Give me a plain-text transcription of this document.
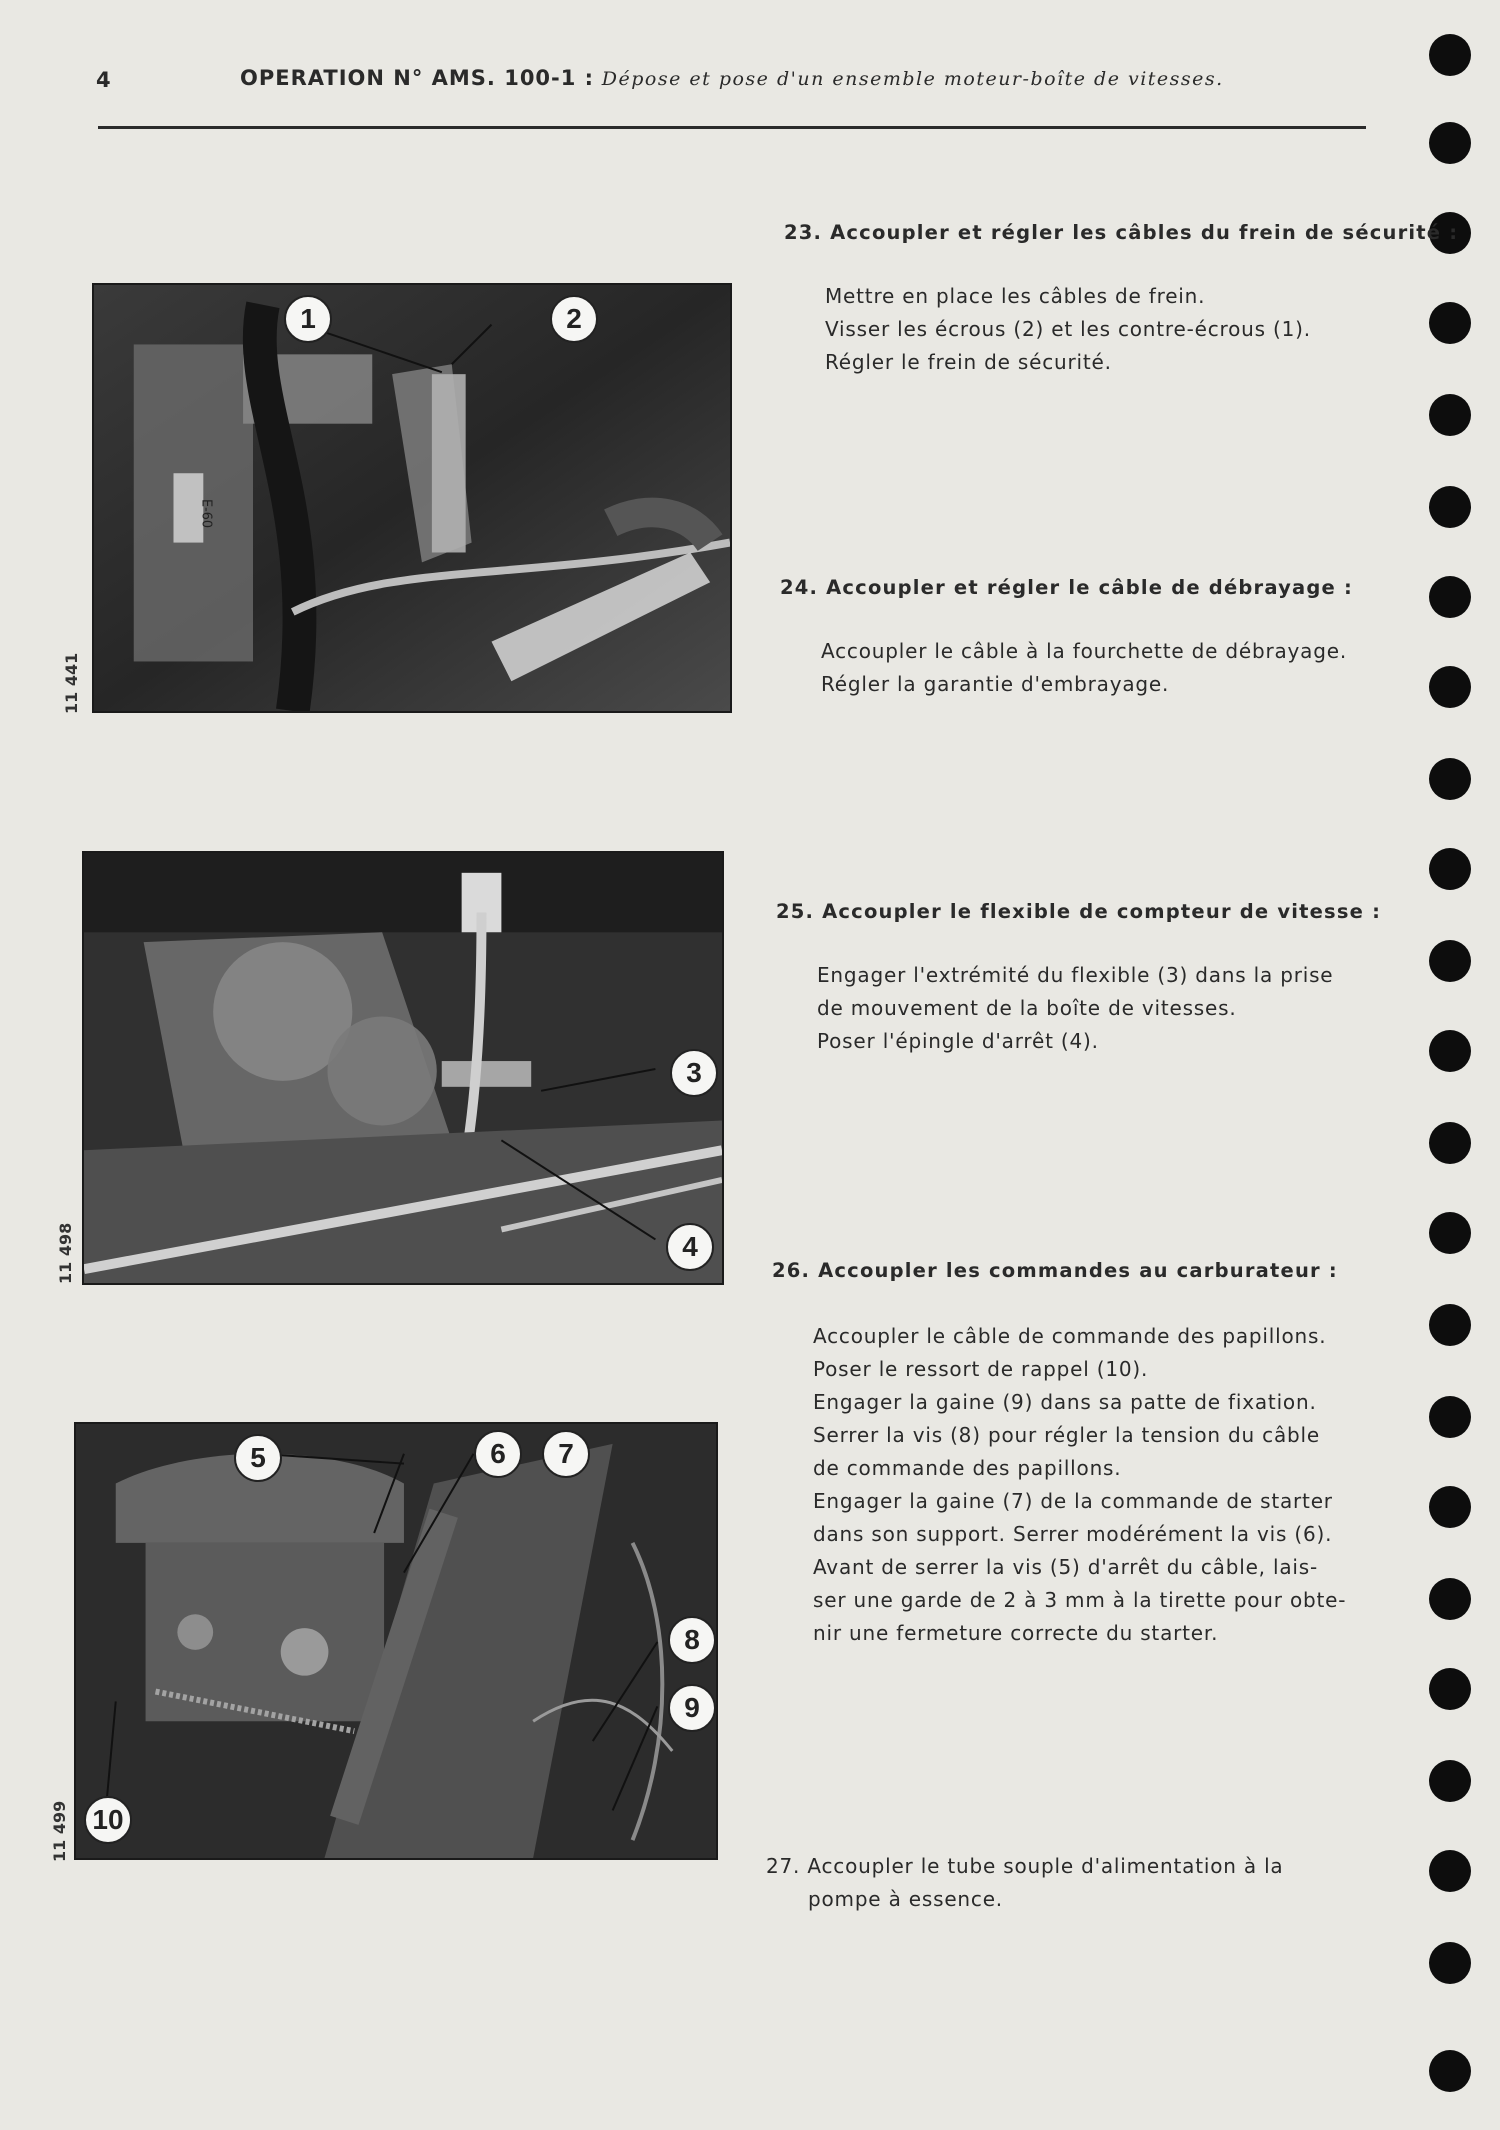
4	OPERATION N° AMS. 100-1 : Dépose et pose d'un ensemble moteur-boîte de vitesses.
E-60
1	2
11 441
3
4
11 498
5	6	7
8
9
10
11 499
23. Accoupler et régler les câbles du frein de sécurité :
Mettre en place les câbles de frein.
Visser les écrous (2) et les contre-écrous (1).
Régler le frein de sécurité.
24. Accoupler et régler le câble de débrayage :
Accoupler le câble à la fourchette de débrayage.
Régler la garantie d'embrayage.
25. Accoupler le flexible de compteur de vitesse :
Engager l'extrémité du flexible (3) dans la prise
de mouvement de la boîte de vitesses.
Poser l'épingle d'arrêt (4).
26. Accoupler les commandes au carburateur :
Accoupler le câble de commande des papillons.
Poser le ressort de rappel (10).
Engager la gaine (9) dans sa patte de fixation.
Serrer la vis (8) pour régler la tension du câble
de commande des papillons.
Engager la gaine (7) de la commande de starter
dans son support. Serrer modérément la vis (6).
Avant de serrer la vis (5) d'arrêt du câble, lais-
ser une garde de 2 à 3 mm à la tirette pour obte-
nir une fermeture correcte du starter.
27. Accoupler le tube souple d'alimentation à la
pompe à essence.
